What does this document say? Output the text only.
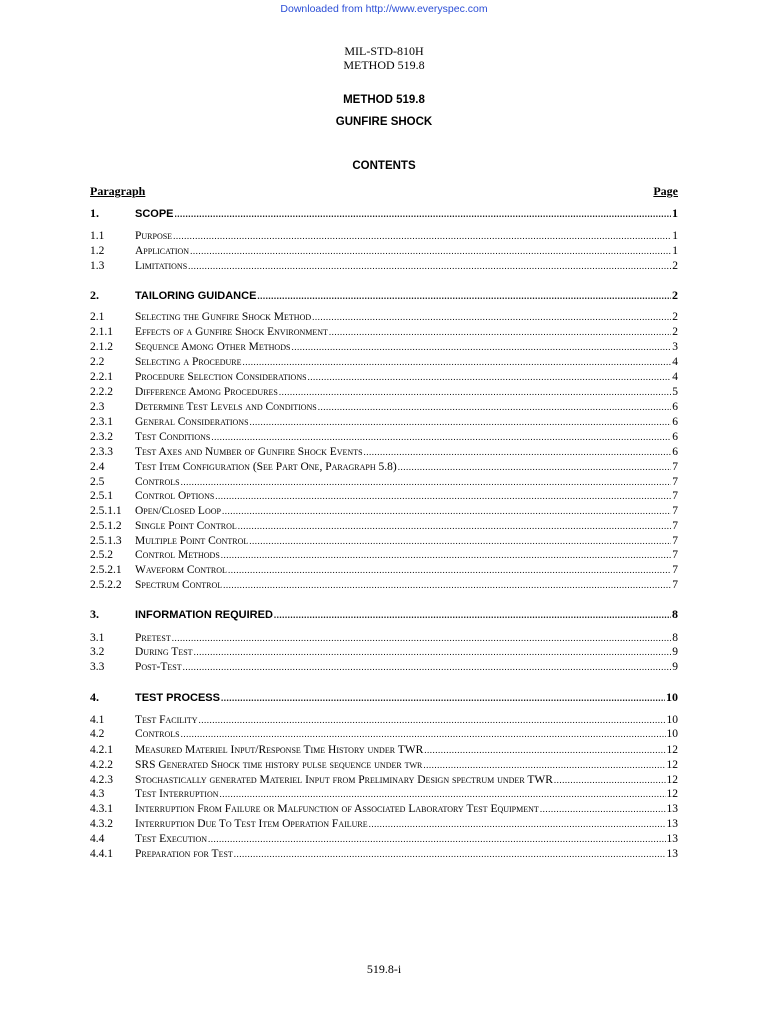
Downloaded from http://www.everyspec.com
MIL-STD-810H
METHOD 519.8
METHOD 519.8
GUNFIRE SHOCK
CONTENTS
Paragraph	Page
1.	SCOPE .....	1
1.1	Purpose .....	1
1.2	Application .....	1
1.3	Limitations .....	2
2.	TAILORING GUIDANCE .....	2
2.1	Selecting the Gunfire Shock Method .....	2
2.1.1	Effects of a Gunfire Shock Environment .....	2
2.1.2	Sequence Among Other Methods .....	3
2.2	Selecting a Procedure .....	4
2.2.1	Procedure Selection Considerations .....	4
2.2.2	Difference Among Procedures .....	5
2.3	Determine Test Levels and Conditions .....	6
2.3.1	General Considerations .....	6
2.3.2	Test Conditions .....	6
2.3.3	Test Axes and Number of Gunfire Shock Events .....	6
2.4	Test Item Configuration (See Part One, Paragraph 5.8) .....	7
2.5	Controls .....	7
2.5.1	Control Options .....	7
2.5.1.1	Open/Closed Loop .....	7
2.5.1.2	Single Point Control .....	7
2.5.1.3	Multiple Point Control .....	7
2.5.2	Control Methods .....	7
2.5.2.1	Waveform Control .....	7
2.5.2.2	Spectrum Control .....	7
3.	INFORMATION REQUIRED .....	8
3.1	Pretest .....	8
3.2	During Test .....	9
3.3	Post-Test .....	9
4.	TEST PROCESS .....	10
4.1	Test Facility .....	10
4.2	Controls .....	10
4.2.1	Measured Materiel Input/Response Time History under TWR .....	12
4.2.2	SRS Generated Shock time history pulse sequence under twr .....	12
4.2.3	Stochastically generated Materiel Input from Preliminary Design spectrum under TWR .....	12
4.3	Test Interruption .....	12
4.3.1	Interruption From Failure or Malfunction of Associated Laboratory Test Equipment .....	13
4.3.2	Interruption Due To Test Item Operation Failure .....	13
4.4	Test Execution .....	13
4.4.1	Preparation for Test .....	13
519.8-i
